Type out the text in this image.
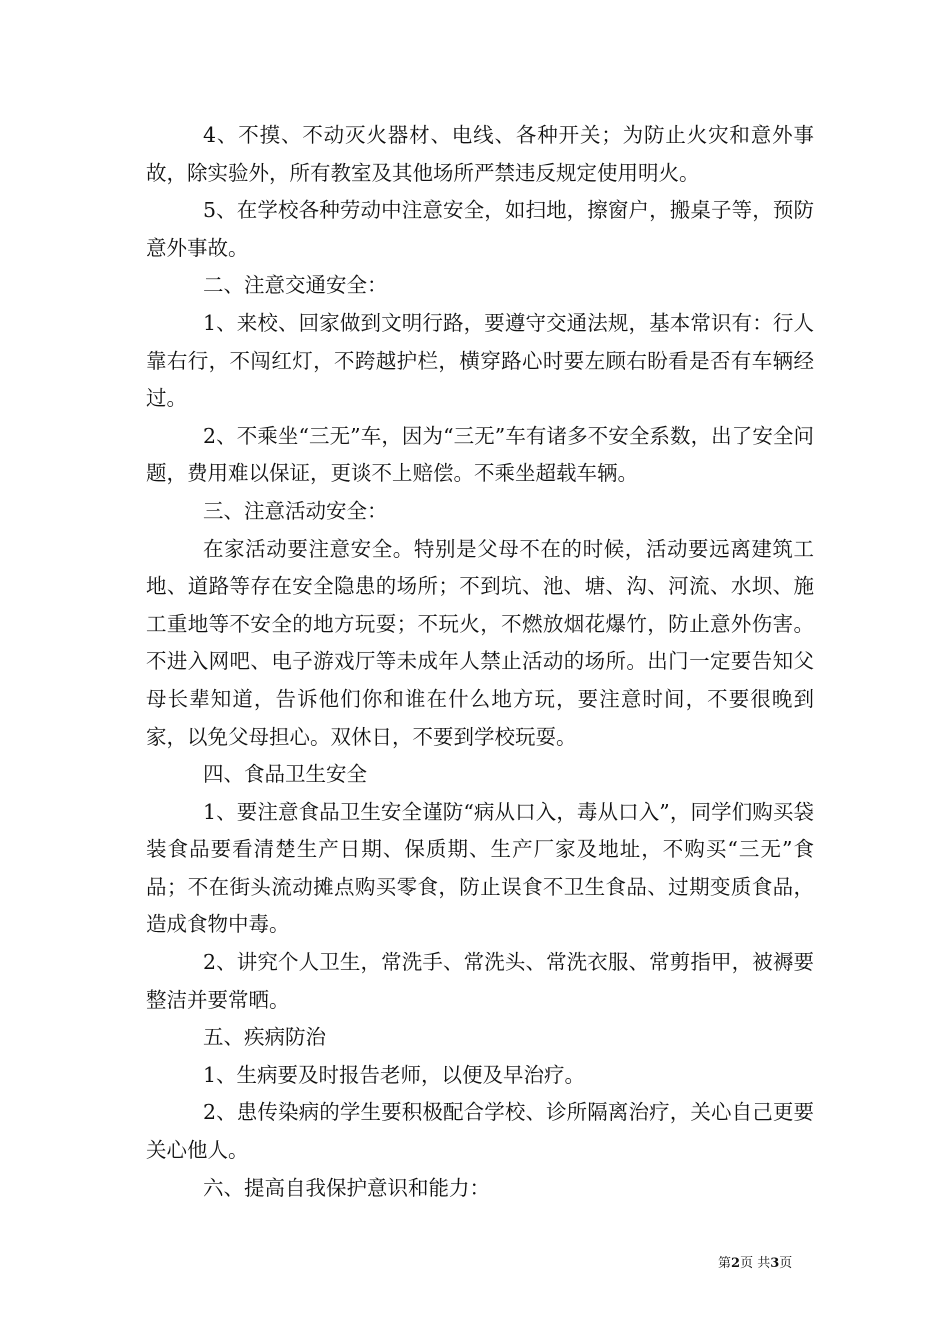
4、不摸、不动灭火器材、电线、各种开关；为防止火灾和意外事故，除实验外，所有教室及其他场所严禁违反规定使用明火。

5、在学校各种劳动中注意安全，如扫地，擦窗户，搬桌子等，预防意外事故。

二、注意交通安全：

1、来校、回家做到文明行路，要遵守交通法规，基本常识有：行人靠右行，不闯红灯，不跨越护栏，横穿路心时要左顾右盼看是否有车辆经过。

2、不乘坐“三无”车，因为“三无”车有诸多不安全系数，出了安全问题，费用难以保证，更谈不上赔偿。不乘坐超载车辆。

三、注意活动安全：

在家活动要注意安全。特别是父母不在的时候，活动要远离建筑工地、道路等存在安全隐患的场所；不到坑、池、塘、沟、河流、水坝、施工重地等不安全的地方玩耍；不玩火，不燃放烟花爆竹，防止意外伤害。不进入网吧、电子游戏厅等未成年人禁止活动的场所。出门一定要告知父母长辈知道，告诉他们你和谁在什么地方玩，要注意时间，不要很晚到家，以免父母担心。双休日，不要到学校玩耍。

四、食品卫生安全

1、要注意食品卫生安全谨防“病从口入，毒从口入”，同学们购买袋装食品要看清楚生产日期、保质期、生产厂家及地址，不购买“三无”食品；不在街头流动摊点购买零食，防止误食不卫生食品、过期变质食品，造成食物中毒。

2、讲究个人卫生，常洗手、常洗头、常洗衣服、常剪指甲，被褥要整洁并要常晒。

五、疾病防治

1、生病要及时报告老师，以便及早治疗。

2、患传染病的学生要积极配合学校、诊所隔离治疗，关心自己更要关心他人。

六、提高自我保护意识和能力：

第2页 共3页
